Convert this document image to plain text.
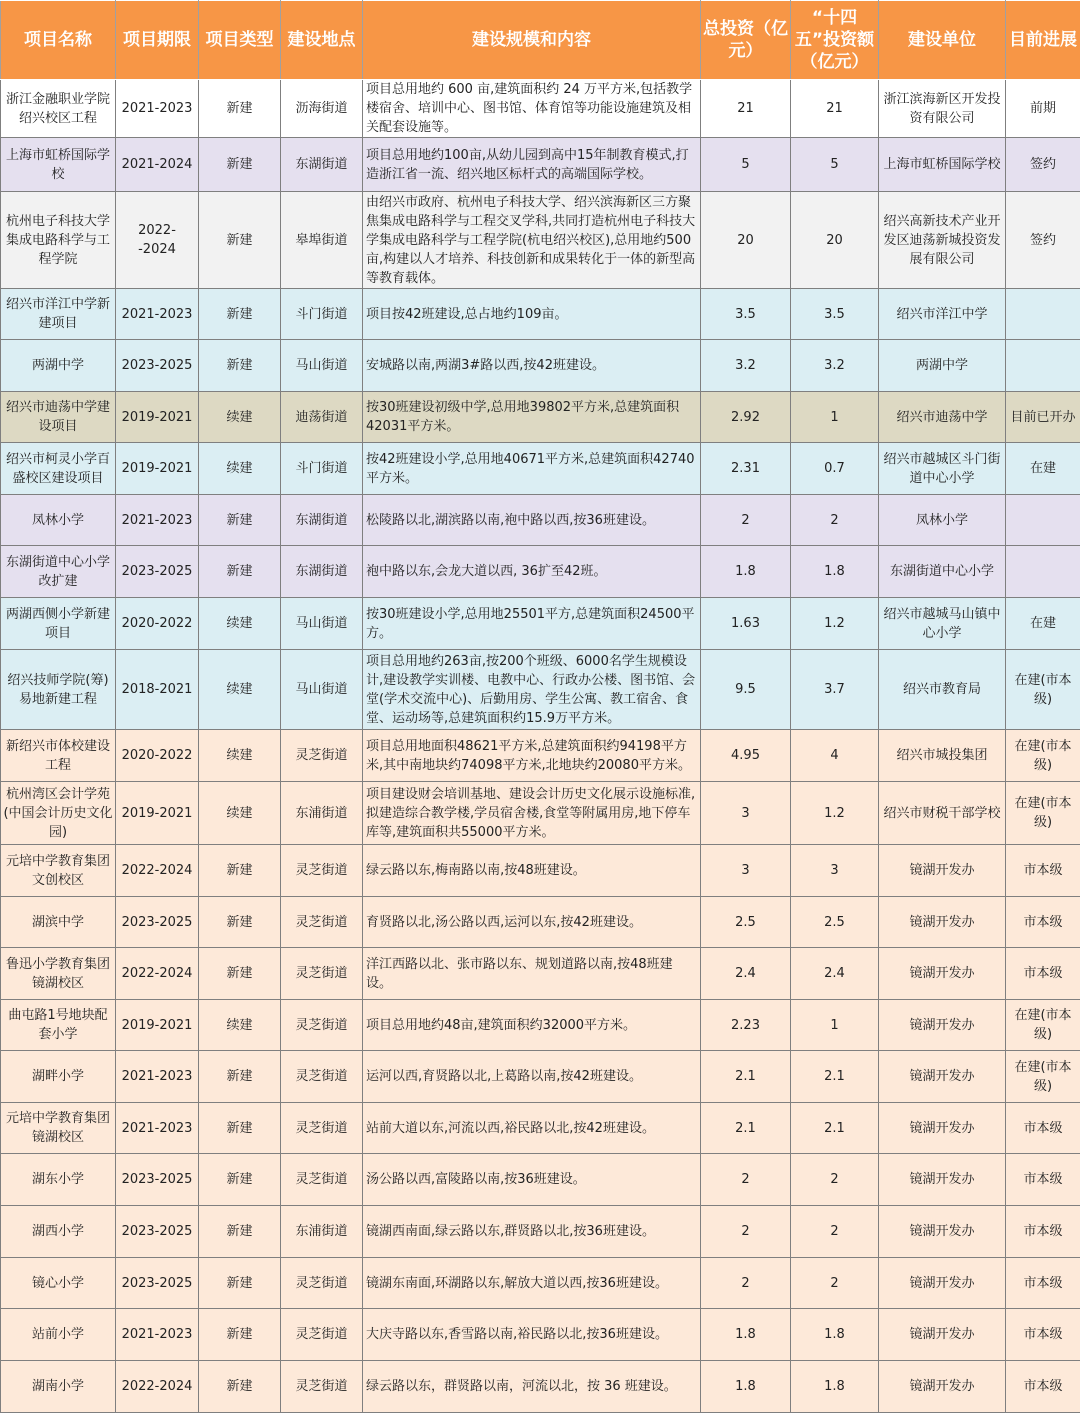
项目名称	项目期限	项目类型	建设地点	建设规模和内容	总投资（亿元）	“十四五”投资额（亿元）	建设单位	目前进展
浙江金融职业学院绍兴校区工程	2021-2023	新建	沥海街道	项目总用地约 600 亩,建筑面积约 24 万平方米,包括教学楼宿舍、培训中心、图书馆、体育馆等功能设施建筑及相关配套设施等。	21	21	浙江滨海新区开发投资有限公司	前期
上海市虹桥国际学校	2021-2024	新建	东湖街道	项目总用地约100亩,从幼儿园到高中15年制教育模式,打造浙江省一流、绍兴地区标杆式的高端国际学校。	5	5	上海市虹桥国际学校	签约
杭州电子科技大学集成电路科学与工程学院	2022- -2024	新建	皋埠街道	由绍兴市政府、杭州电子科技大学、绍兴滨海新区三方聚焦集成电路科学与工程交叉学科,共同打造杭州电子科技大学集成电路科学与工程学院(杭电绍兴校区),总用地约500亩,构建以人才培养、科技创新和成果转化于一体的新型高等教育载体。	20	20	绍兴高新技术产业开发区迪荡新城投资发展有限公司	签约
绍兴市洋江中学新建项目	2021-2023	新建	斗门街道	项目按42班建设,总占地约109亩。	3.5	3.5	绍兴市洋江中学	
两湖中学	2023-2025	新建	马山街道	安城路以南,两湖3#路以西,按42班建设。	3.2	3.2	两湖中学	
绍兴市迪荡中学建设项目	2019-2021	续建	迪荡街道	按30班建设初级中学,总用地39802平方米,总建筑面积42031平方米。	2.92	1	绍兴市迪荡中学	目前已开办
绍兴市柯灵小学百盛校区建设项目	2019-2021	续建	斗门街道	按42班建设小学,总用地40671平方米,总建筑面积42740平方米。	2.31	0.7	绍兴市越城区斗门街道中心小学	在建
凤林小学	2021-2023	新建	东湖街道	松陵路以北,湖滨路以南,袍中路以西,按36班建设。	2	2	凤林小学	
东湖街道中心小学改扩建	2023-2025	新建	东湖街道	袍中路以东,会龙大道以西, 36扩至42班。	1.8	1.8	东湖街道中心小学	
两湖西侧小学新建项目	2020-2022	续建	马山街道	按30班建设小学,总用地25501平方,总建筑面积24500平方。	1.63	1.2	绍兴市越城马山镇中心小学	在建
绍兴技师学院(筹)易地新建工程	2018-2021	续建	马山街道	项目总用地约263亩,按200个班级、6000名学生规模设计,建设教学实训楼、电教中心、行政办公楼、图书馆、会堂(学术交流中心)、后勤用房、学生公寓、教工宿舍、食堂、运动场等,总建筑面积约15.9万平方米。	9.5	3.7	绍兴市教育局	在建(市本级)
新绍兴市体校建设工程	2020-2022	续建	灵芝街道	项目总用地面积48621平方米,总建筑面积约94198平方米,其中南地块约74098平方米,北地块约20080平方米。	4.95	4	绍兴市城投集团	在建(市本级)
杭州湾区会计学苑(中国会计历史文化园)	2019-2021	续建	东浦街道	项目建设财会培训基地、建设会计历史文化展示设施标准,拟建造综合教学楼,学员宿舍楼,食堂等附属用房,地下停车库等,建筑面积共55000平方米。	3	1.2	绍兴市财税干部学校	在建(市本级)
元培中学教育集团文创校区	2022-2024	新建	灵芝街道	绿云路以东,梅南路以南,按48班建设。	3	3	镜湖开发办	市本级
湖滨中学	2023-2025	新建	灵芝街道	育贤路以北,汤公路以西,运河以东,按42班建设。	2.5	2.5	镜湖开发办	市本级
鲁迅小学教育集团镜湖校区	2022-2024	新建	灵芝街道	洋江西路以北、张市路以东、规划道路以南,按48班建设。	2.4	2.4	镜湖开发办	市本级
曲屯路1号地块配套小学	2019-2021	续建	灵芝街道	项目总用地约48亩,建筑面积约32000平方米。	2.23	1	镜湖开发办	在建(市本级)
湖畔小学	2021-2023	新建	灵芝街道	运河以西,育贤路以北,上葛路以南,按42班建设。	2.1	2.1	镜湖开发办	在建(市本级)
元培中学教育集团镜湖校区	2021-2023	新建	灵芝街道	站前大道以东,河流以西,裕民路以北,按42班建设。	2.1	2.1	镜湖开发办	市本级
湖东小学	2023-2025	新建	灵芝街道	汤公路以西,富陵路以南,按36班建设。	2	2	镜湖开发办	市本级
湖西小学	2023-2025	新建	东浦街道	镜湖西南面,绿云路以东,群贤路以北,按36班建设。	2	2	镜湖开发办	市本级
镜心小学	2023-2025	新建	灵芝街道	镜湖东南面,环湖路以东,解放大道以西,按36班建设。	2	2	镜湖开发办	市本级
站前小学	2021-2023	新建	灵芝街道	大庆寺路以东,香雪路以南,裕民路以北,按36班建设。	1.8	1.8	镜湖开发办	市本级
湖南小学	2022-2024	新建	灵芝街道	绿云路以东，群贤路以南，河流以北，按 36 班建设。	1.8	1.8	镜湖开发办	市本级
